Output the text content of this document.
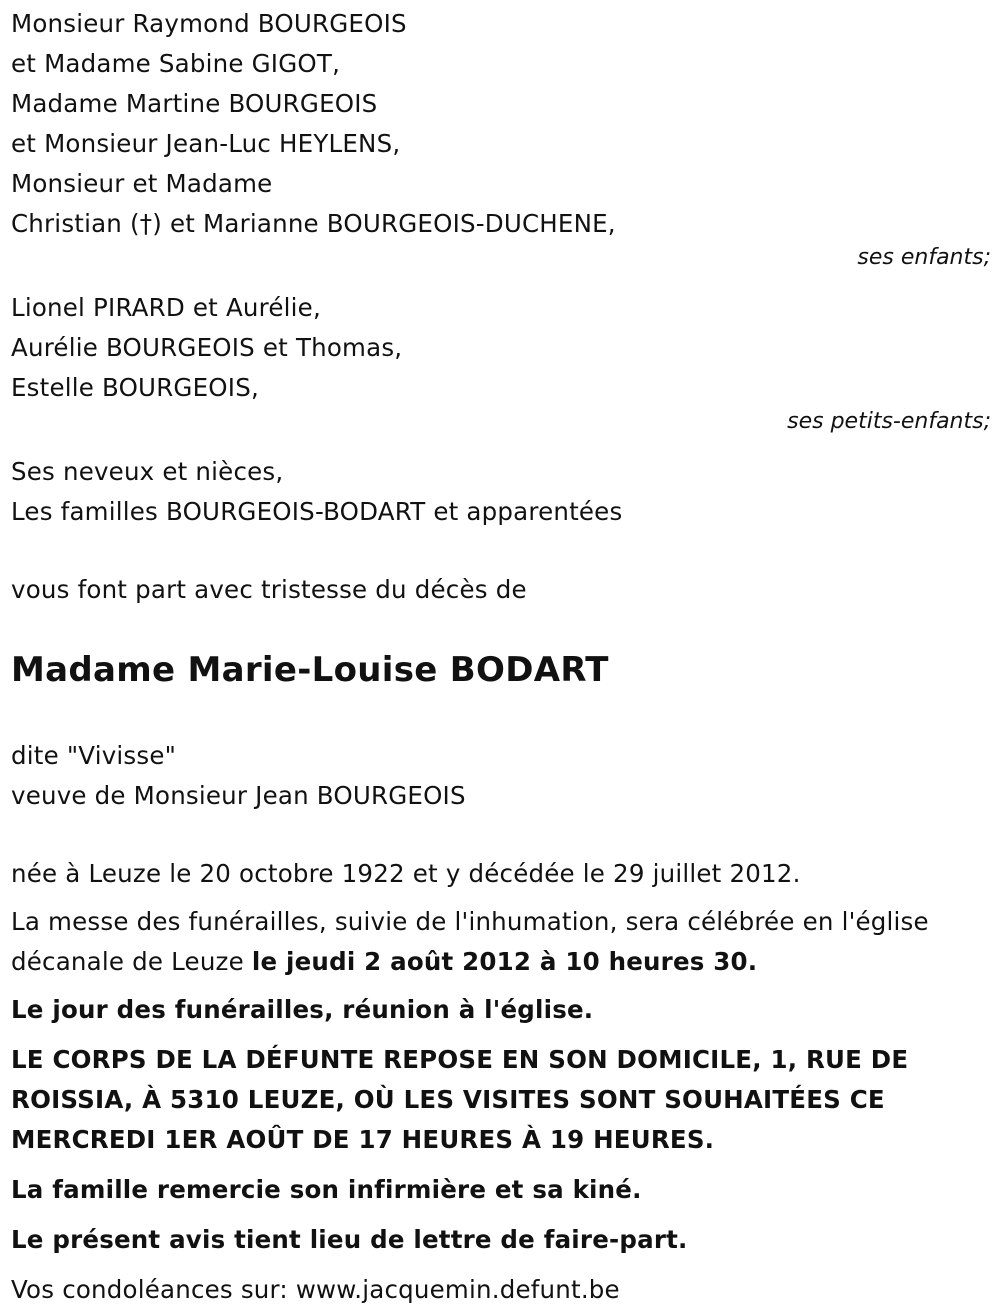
Monsieur Raymond BOURGEOIS
et Madame Sabine GIGOT,
Madame Martine BOURGEOIS
et Monsieur Jean-Luc HEYLENS,
Monsieur et Madame
Christian (†) et Marianne BOURGEOIS-DUCHENE,
ses enfants;
Lionel PIRARD et Aurélie,
Aurélie BOURGEOIS et Thomas,
Estelle BOURGEOIS,
ses petits-enfants;
Ses neveux et nièces,
Les familles BOURGEOIS-BODART et apparentées
vous font part avec tristesse du décès de
Madame Marie-Louise BODART
dite "Vivisse"
veuve de Monsieur Jean BOURGEOIS
née à Leuze le 20 octobre 1922 et y décédée le 29 juillet 2012.
La messe des funérailles, suivie de l'inhumation, sera célébrée en l'église décanale de Leuze le jeudi 2 août 2012 à 10 heures 30.
Le jour des funérailles, réunion à l'église.
LE CORPS DE LA DÉFUNTE REPOSE EN SON DOMICILE, 1, RUE DE ROISSIA, À 5310 LEUZE, OÙ LES VISITES SONT SOUHAITÉES CE MERCREDI 1ER AOÛT DE 17 HEURES À 19 HEURES.
La famille remercie son infirmière et sa kiné.
Le présent avis tient lieu de lettre de faire-part.
Vos condoléances sur: www.jacquemin.defunt.be
